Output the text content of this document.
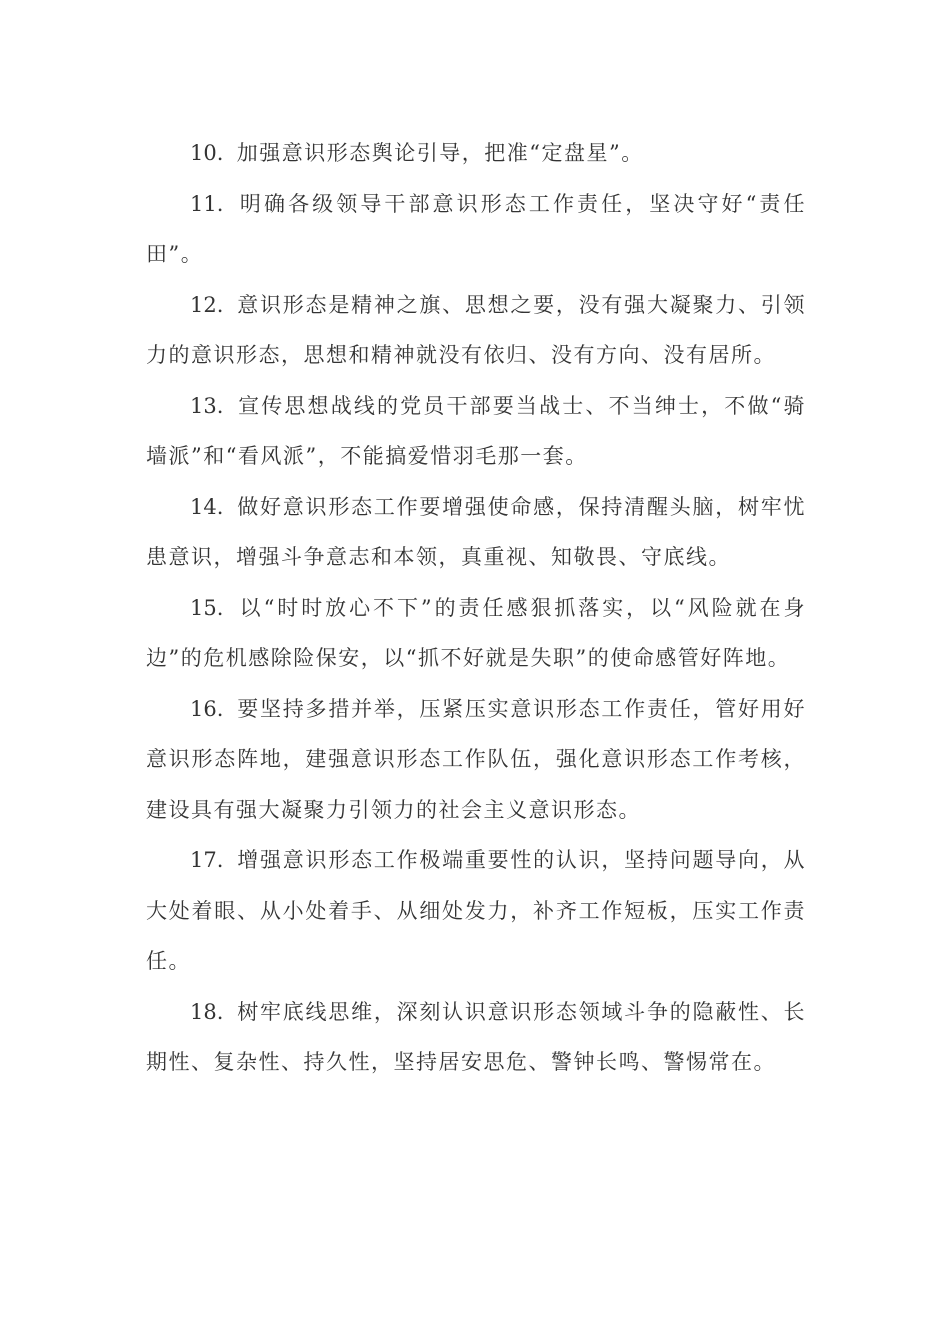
10. 加强意识形态舆论引导，把准“定盘星”。

11. 明确各级领导干部意识形态工作责任，坚决守好“责任田”。

12. 意识形态是精神之旗、思想之要，没有强大凝聚力、引领力的意识形态，思想和精神就没有依归、没有方向、没有居所。

13. 宣传思想战线的党员干部要当战士、不当绅士，不做“骑墙派”和“看风派”，不能搞爱惜羽毛那一套。

14. 做好意识形态工作要增强使命感，保持清醒头脑，树牢忧患意识，增强斗争意志和本领，真重视、知敬畏、守底线。

15. 以“时时放心不下”的责任感狠抓落实，以“风险就在身边”的危机感除险保安，以“抓不好就是失职”的使命感管好阵地。

16. 要坚持多措并举，压紧压实意识形态工作责任，管好用好意识形态阵地，建强意识形态工作队伍，强化意识形态工作考核，建设具有强大凝聚力引领力的社会主义意识形态。

17. 增强意识形态工作极端重要性的认识，坚持问题导向，从大处着眼、从小处着手、从细处发力，补齐工作短板，压实工作责任。

18. 树牢底线思维，深刻认识意识形态领域斗争的隐蔽性、长期性、复杂性、持久性，坚持居安思危、警钟长鸣、警惕常在。
